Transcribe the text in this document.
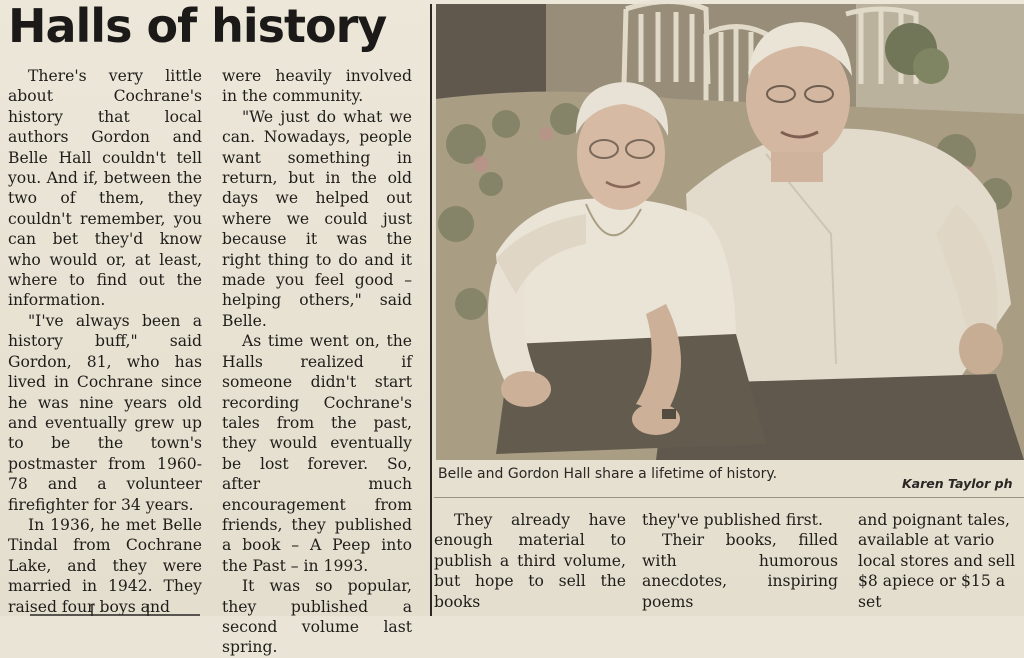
Halls of history

There's very little about Cochrane's history that local authors Gordon and Belle Hall couldn't tell you. And if, between the two of them, they couldn't remember, you can bet they'd know who would or, at least, where to find out the information.

"I've always been a history buff," said Gordon, 81, who has lived in Cochrane since he was nine years old and eventually grew up to be the town's postmaster from 1960-78 and a volunteer firefighter for 34 years.

In 1936, he met Belle Tindal from Cochrane Lake, and they were married in 1942. They raised four boys and

were heavily involved in the community.

"We just do what we can. Nowadays, people want something in return, but in the old days we helped out where we could just because it was the right thing to do and it made you feel good – helping others," said Belle.

As time went on, the Halls realized if someone didn't start recording Cochrane's tales from the past, they would eventually be lost forever. So, after much encouragement from friends, they published a book – A Peep into the Past – in 1993.

It was so popular, they published a second volume last spring.

Belle and Gordon Hall share a lifetime of history.
Karen Taylor ph

They already have enough material to publish a third volume, but hope to sell the books

they've published first.

Their books, filled with humorous anecdotes, inspiring poems

and poignant tales, available at vario local stores and sell $8 apiece or $15 a set
